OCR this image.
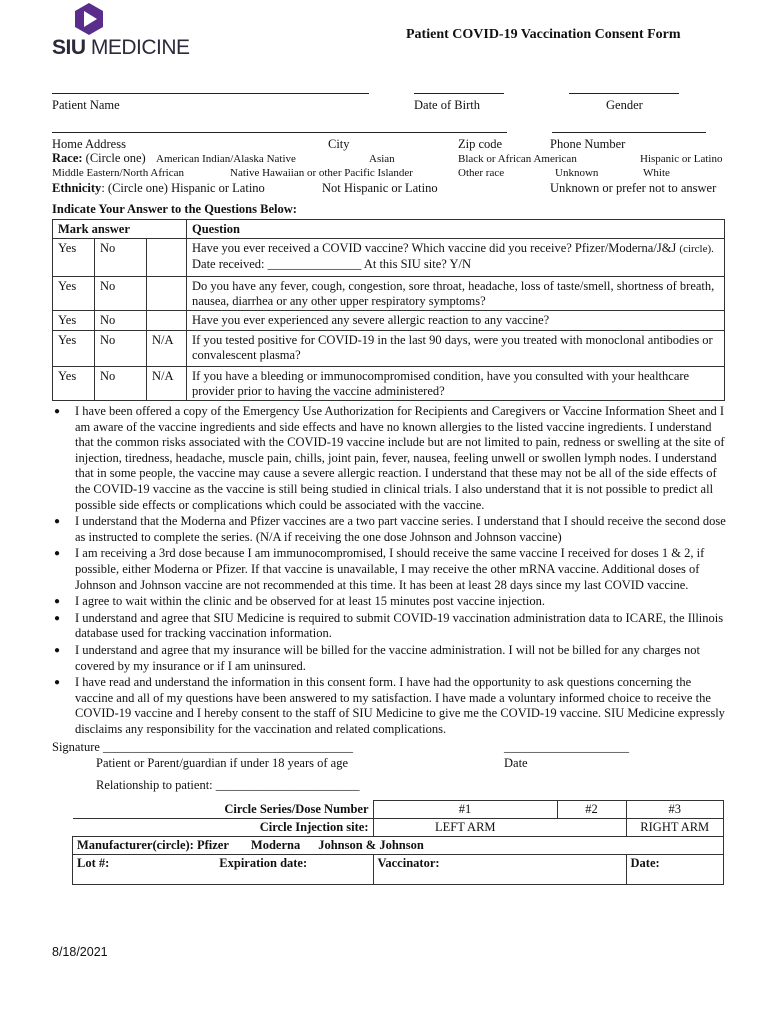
SIU MEDICINE
Patient COVID-19 Vaccination Consent Form
Patient Name	Date of Birth	Gender
Home Address	City	Zip code	Phone Number
Race: (Circle one) American Indian/Alaska Native	Asian	Black or African American	Hispanic or Latino
Middle Eastern/North African	Native Hawaiian or other Pacific Islander	Other race	Unknown	White
Ethnicity: (Circle one) Hispanic or Latino	Not Hispanic or Latino	Unknown or prefer not to answer
Indicate Your Answer to the Questions Below:
Mark answer			Question
Yes	No		Have you ever received a COVID vaccine? Which vaccine did you receive? Pfizer/Moderna/J&J (circle).
Date received: _______________ At this SIU site? Y/N
Yes	No		Do you have any fever, cough, congestion, sore throat, headache, loss of taste/smell, shortness of breath, nausea, diarrhea or any other upper respiratory symptoms?
Yes	No		Have you ever experienced any severe allergic reaction to any vaccine?
Yes	No	N/A	If you tested positive for COVID-19 in the last 90 days, were you treated with monoclonal antibodies or convalescent plasma?
Yes	No	N/A	If you have a bleeding or immunocompromised condition, have you consulted with your healthcare provider prior to having the vaccine administered?
● I have been offered a copy of the Emergency Use Authorization for Recipients and Caregivers or Vaccine Information Sheet and I am aware of the vaccine ingredients and side effects and have no known allergies to the listed vaccine ingredients. I understand that the common risks associated with the COVID-19 vaccine include but are not limited to pain, redness or swelling at the site of injection, tiredness, headache, muscle pain, chills, joint pain, fever, nausea, feeling unwell or swollen lymph nodes. I understand that in some people, the vaccine may cause a severe allergic reaction. I understand that these may not be all of the side effects of the COVID-19 vaccine as the vaccine is still being studied in clinical trials. I also understand that it is not possible to predict all possible side effects or complications which could be associated with the vaccine.
● I understand that the Moderna and Pfizer vaccines are a two part vaccine series. I understand that I should receive the second dose as instructed to complete the series. (N/A if receiving the one dose Johnson and Johnson vaccine)
● I am receiving a 3rd dose because I am immunocompromised, I should receive the same vaccine I received for doses 1 & 2, if possible, either Moderna or Pfizer. If that vaccine is unavailable, I may receive the other mRNA vaccine. Additional doses of Johnson and Johnson vaccine are not recommended at this time. It has been at least 28 days since my last COVID vaccine.
● I agree to wait within the clinic and be observed for at least 15 minutes post vaccine injection.
● I understand and agree that SIU Medicine is required to submit COVID-19 vaccination administration data to ICARE, the Illinois database used for tracking vaccination information.
● I understand and agree that my insurance will be billed for the vaccine administration. I will not be billed for any charges not covered by my insurance or if I am uninsured.
● I have read and understand the information in this consent form. I have had the opportunity to ask questions concerning the vaccine and all of my questions have been answered to my satisfaction. I have made a voluntary informed choice to receive the COVID-19 vaccine and I hereby consent to the staff of SIU Medicine to give me the COVID-19 vaccine. SIU Medicine expressly disclaims any responsibility for the vaccination and related complications.
Signature ________________________________________
Patient or Parent/guardian if under 18 years of age
____________________
Date
Relationship to patient: _______________________
Circle Series/Dose Number	#1	#2	#3
Circle Injection site:	LEFT ARM		RIGHT ARM
Manufacturer(circle): Pfizer Moderna Johnson & Johnson			
Lot #: Expiration date:	Vaccinator:		Date:
8/18/2021
